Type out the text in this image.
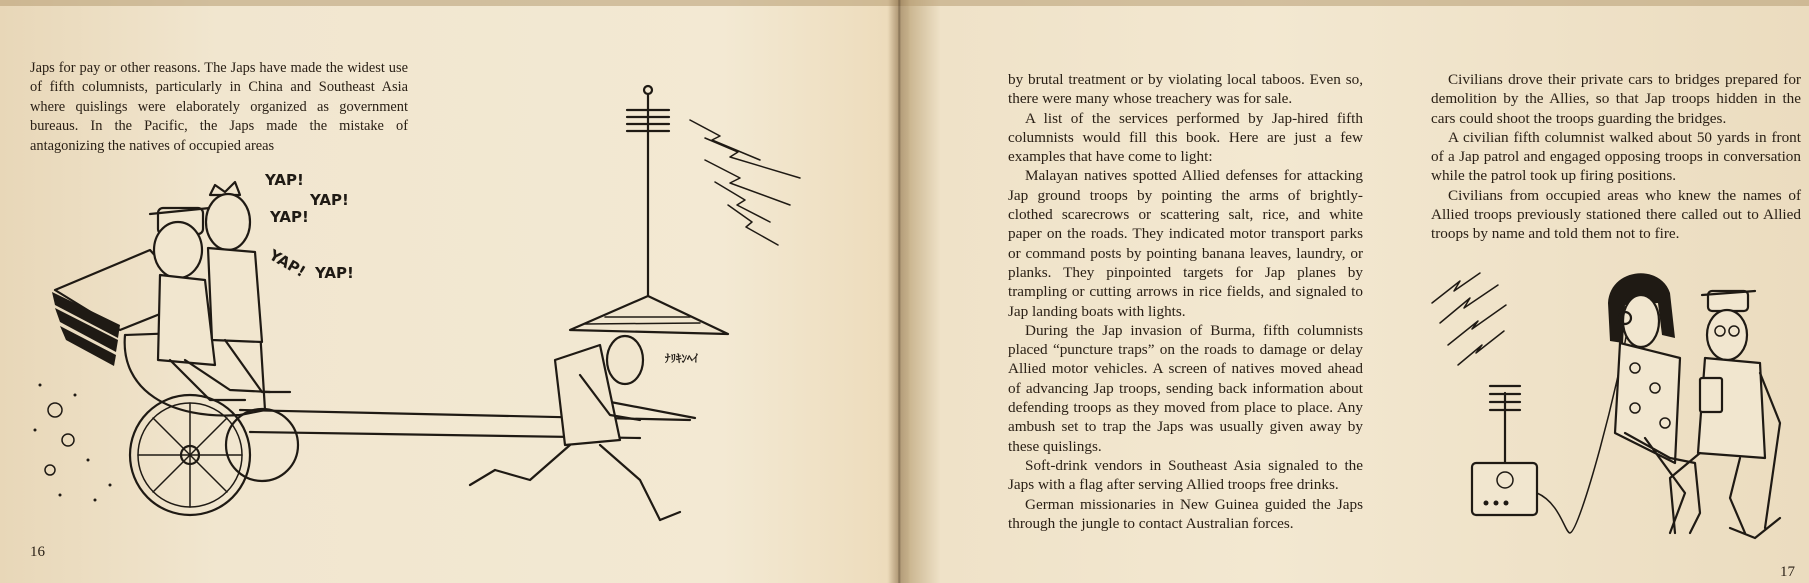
Japs for pay or other reasons. The Japs have made the widest use of fifth columnists, particularly in China and Southeast Asia where quislings were elaborately organized as government bureaus. In the Pacific, the Japs made the mistake of antagonizing the natives of occupied areas

16
YAP!
YAP!
YAP!
YAP! YAP!
ﾅﾘｷﾝﾍｲ

by brutal treatment or by violating local taboos. Even so, there were many whose treachery was for sale.

A list of the services performed by Jap-hired fifth columnists would fill this book. Here are just a few examples that have come to light:

Malayan natives spotted Allied defenses for attacking Jap ground troops by pointing the arms of brightly-clothed scarecrows or scattering salt, rice, and white paper on the roads. They indicated motor transport parks or command posts by pointing banana leaves, laundry, or planks. They pinpointed targets for Jap planes by trampling or cutting arrows in rice fields, and signaled to Jap landing boats with lights.

During the Jap invasion of Burma, fifth columnists placed “puncture traps” on the roads to damage or delay Allied motor vehicles. A screen of natives moved ahead of advancing Jap troops, sending back information about defending troops as they moved from place to place. Any ambush set to trap the Japs was usually given away by these quislings.

Soft-drink vendors in Southeast Asia signaled to the Japs with a flag after serving Allied troops free drinks.

German missionaries in New Guinea guided the Japs through the jungle to contact Australian forces.

Civilians drove their private cars to bridges prepared for demolition by the Allies, so that Jap troops hidden in the cars could shoot the troops guarding the bridges.

A civilian fifth columnist walked about 50 yards in front of a Jap patrol and engaged opposing troops in conversation while the patrol took up firing positions.

Civilians from occupied areas who knew the names of Allied troops previously stationed there called out to Allied troops by name and told them not to fire.

17
